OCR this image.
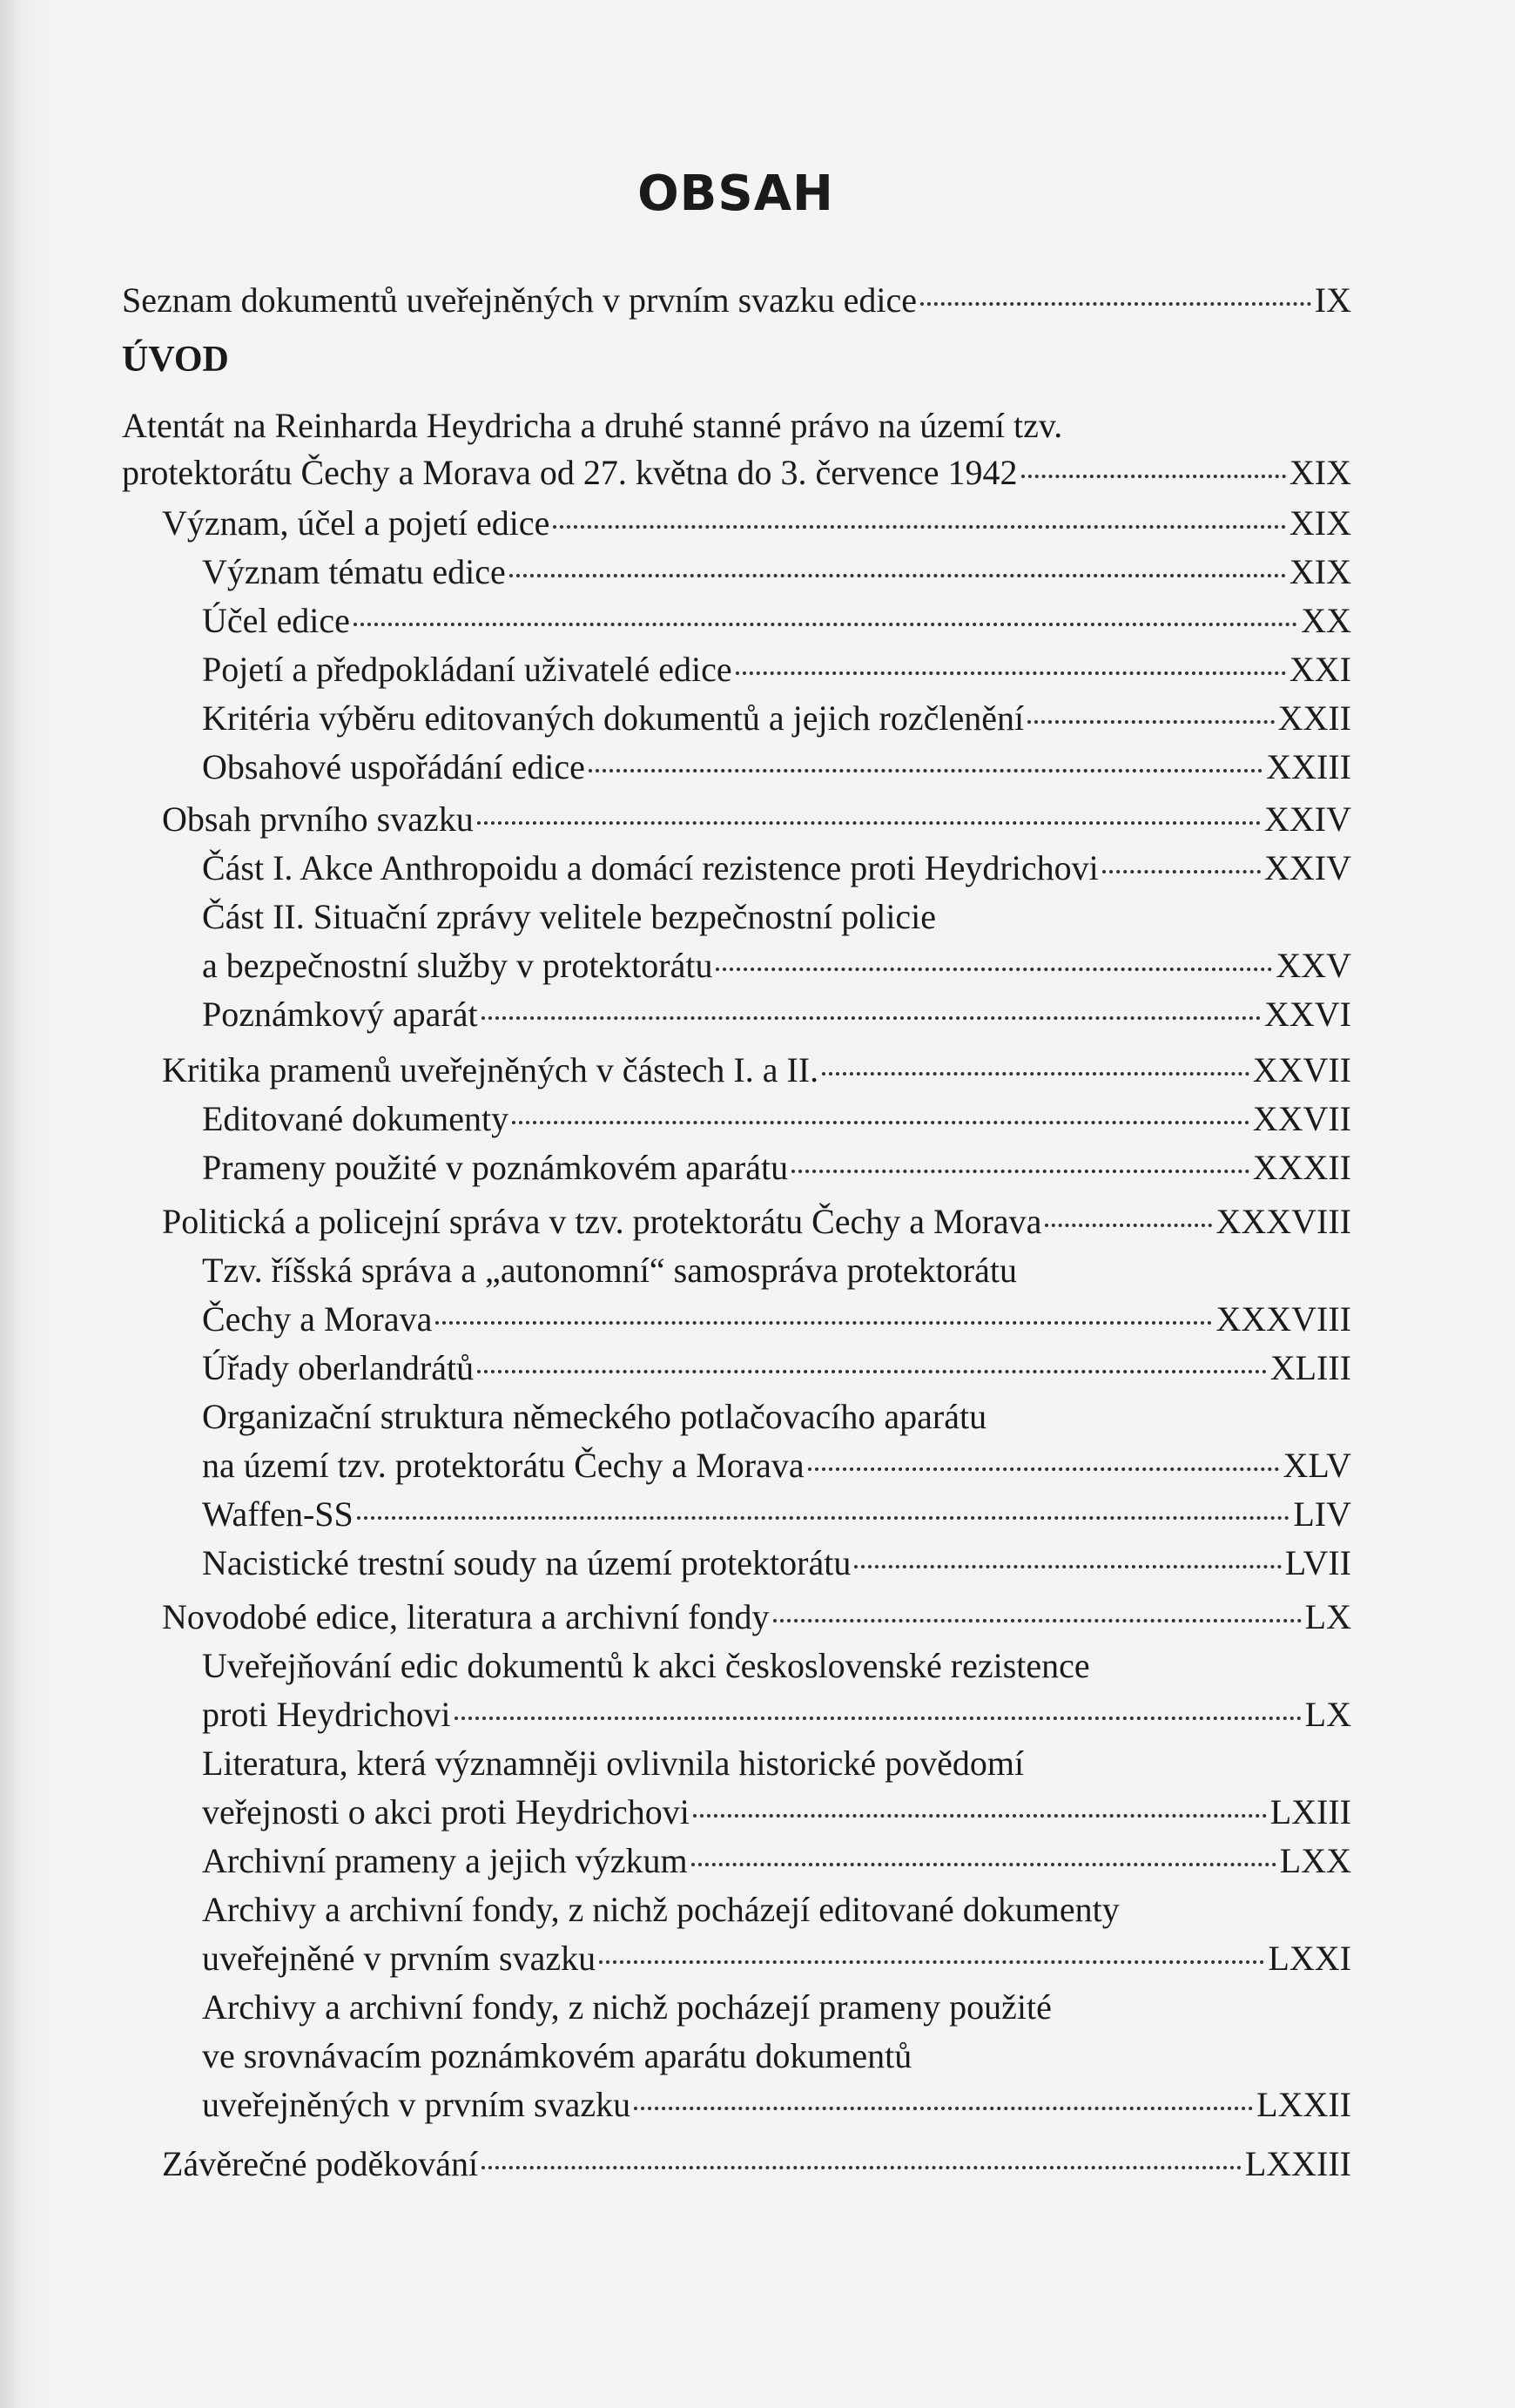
OBSAH
Seznam dokumentů uveřejněných v prvním svazku edice	IX
ÚVOD
Atentát na Reinharda Heydricha a druhé stanné právo na území tzv.
protektorátu Čechy a Morava od 27. května do 3. července 1942	XIX
Význam, účel a pojetí edice	XIX
Význam tématu edice	XIX
Účel edice	XX
Pojetí a předpokládaní uživatelé edice	XXI
Kritéria výběru editovaných dokumentů a jejich rozčlenění	XXII
Obsahové uspořádání edice	XXIII
Obsah prvního svazku	XXIV
Část I. Akce Anthropoidu a domácí rezistence proti Heydrichovi	XXIV
Část II. Situační zprávy velitele bezpečnostní policie
a bezpečnostní služby v protektorátu	XXV
Poznámkový aparát	XXVI
Kritika pramenů uveřejněných v částech I. a II.	XXVII
Editované dokumenty	XXVII
Prameny použité v poznámkovém aparátu	XXXII
Politická a policejní správa v tzv. protektorátu Čechy a Morava	XXXVIII
Tzv. říšská správa a „autonomní“ samospráva protektorátu
Čechy a Morava	XXXVIII
Úřady oberlandrátů	XLIII
Organizační struktura německého potlačovacího aparátu
na území tzv. protektorátu Čechy a Morava	XLV
Waffen-SS	LIV
Nacistické trestní soudy na území protektorátu	LVII
Novodobé edice, literatura a archivní fondy	LX
Uveřejňování edic dokumentů k akci československé rezistence
proti Heydrichovi	LX
Literatura, která významněji ovlivnila historické povědomí
veřejnosti o akci proti Heydrichovi	LXIII
Archivní prameny a jejich výzkum	LXX
Archivy a archivní fondy, z nichž pocházejí editované dokumenty
uveřejněné v prvním svazku	LXXI
Archivy a archivní fondy, z nichž pocházejí prameny použité
ve srovnávacím poznámkovém aparátu dokumentů
uveřejněných v prvním svazku	LXXII
Závěrečné poděkování	LXXIII
